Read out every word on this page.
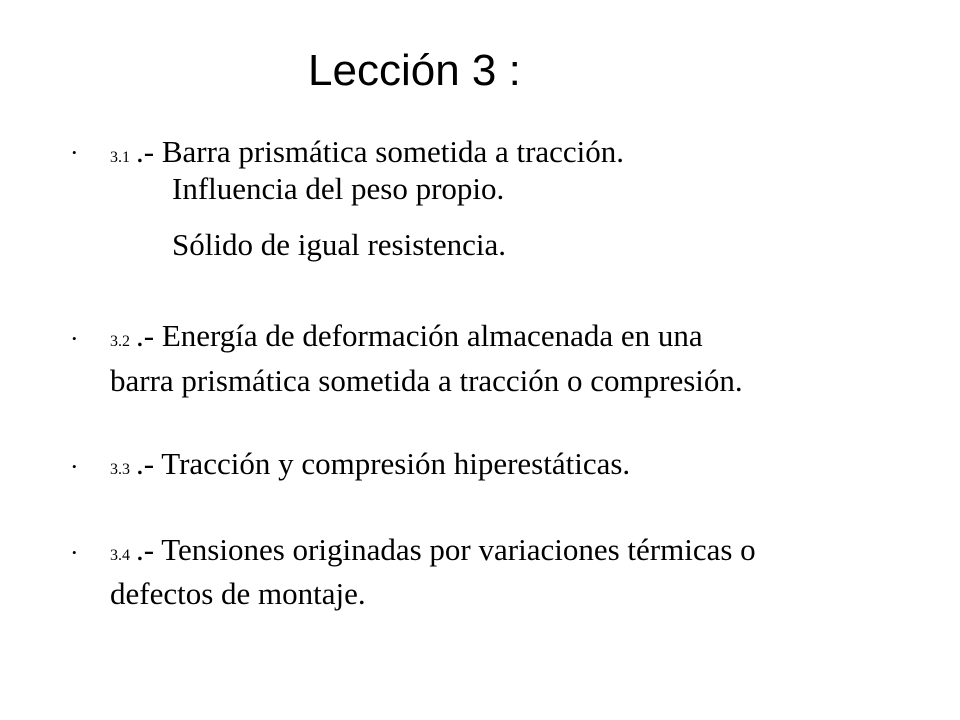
Lección 3 :
• 3.1 .- Barra prismática sometida a tracción.
Influencia del peso propio.
Sólido de igual resistencia.
• 3.2 .- Energía de deformación almacenada en una
barra prismática sometida a tracción o compresión.
• 3.3 .- Tracción y compresión hiperestáticas.
• 3.4 .- Tensiones originadas por variaciones térmicas o
defectos de montaje.
